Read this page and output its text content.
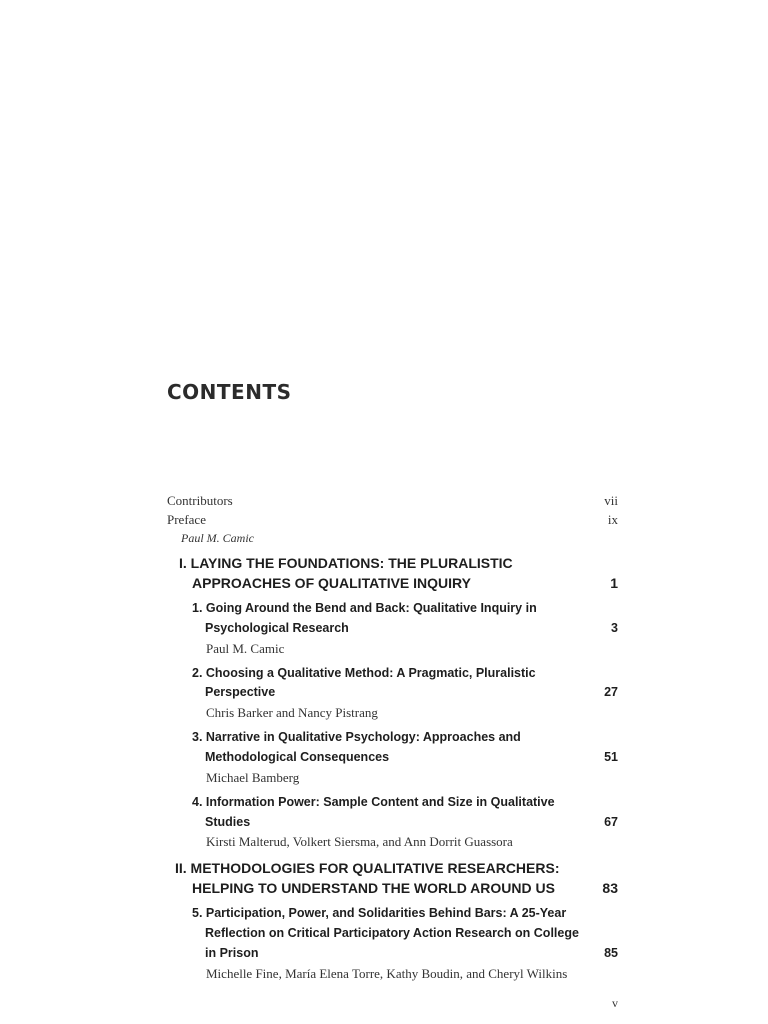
CONTENTS
Contributors	vii
Preface	ix
Paul M. Camic
I. LAYING THE FOUNDATIONS: THE PLURALISTIC
APPROACHES OF QUALITATIVE INQUIRY	1
1. Going Around the Bend and Back: Qualitative Inquiry in
Psychological Research	3
Paul M. Camic
2. Choosing a Qualitative Method: A Pragmatic, Pluralistic
Perspective	27
Chris Barker and Nancy Pistrang
3. Narrative in Qualitative Psychology: Approaches and
Methodological Consequences	51
Michael Bamberg
4. Information Power: Sample Content and Size in Qualitative
Studies	67
Kirsti Malterud, Volkert Siersma, and Ann Dorrit Guassora
II. METHODOLOGIES FOR QUALITATIVE RESEARCHERS:
HELPING TO UNDERSTAND THE WORLD AROUND US	83
5. Participation, Power, and Solidarities Behind Bars: A 25-Year
Reflection on Critical Participatory Action Research on College
in Prison	85
Michelle Fine, María Elena Torre, Kathy Boudin, and Cheryl Wilkins
v
